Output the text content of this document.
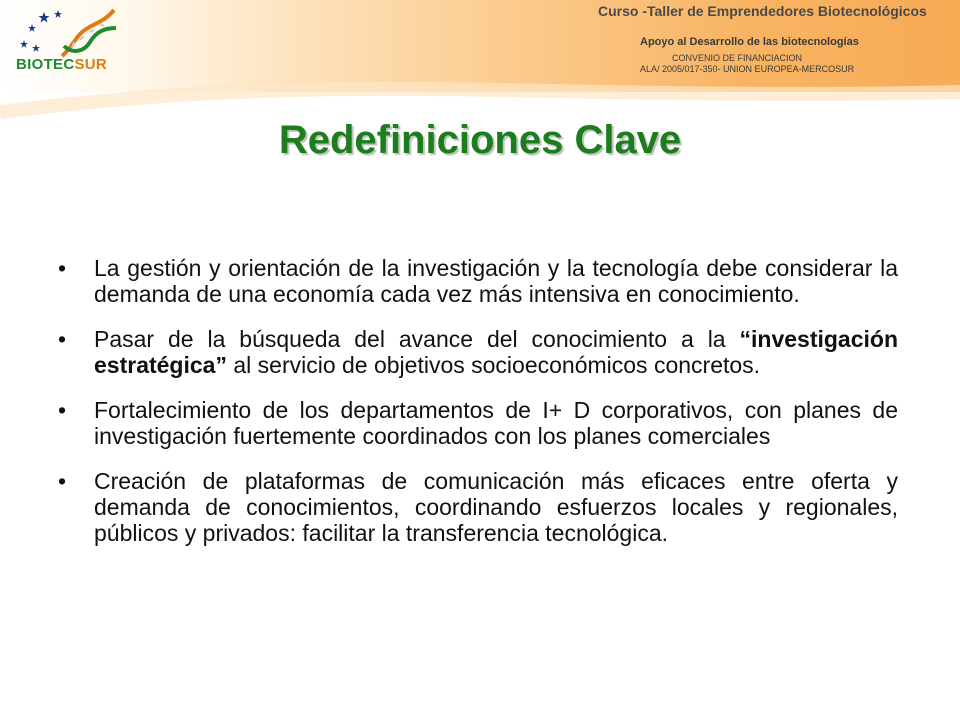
BIOTECSUR
Curso -Taller de Emprendedores Biotecnológicos
Apoyo al Desarrollo de las biotecnologías
CONVENIO DE FINANCIACION
ALA/ 2005/017-350- UNION EUROPEA-MERCOSUR
Redefiniciones Clave
• La gestión y orientación de la investigación y la tecnología debe considerar la demanda de una economía cada vez más intensiva en conocimiento.
• Pasar de la búsqueda del avance del conocimiento a la “investigación estratégica” al servicio de objetivos socioeconómicos concretos.
• Fortalecimiento de los departamentos de I+ D corporativos, con planes de investigación fuertemente coordinados con los planes comerciales
• Creación de plataformas de comunicación más eficaces entre oferta y demanda de conocimientos, coordinando esfuerzos locales y regionales, públicos y privados: facilitar la transferencia tecnológica.
